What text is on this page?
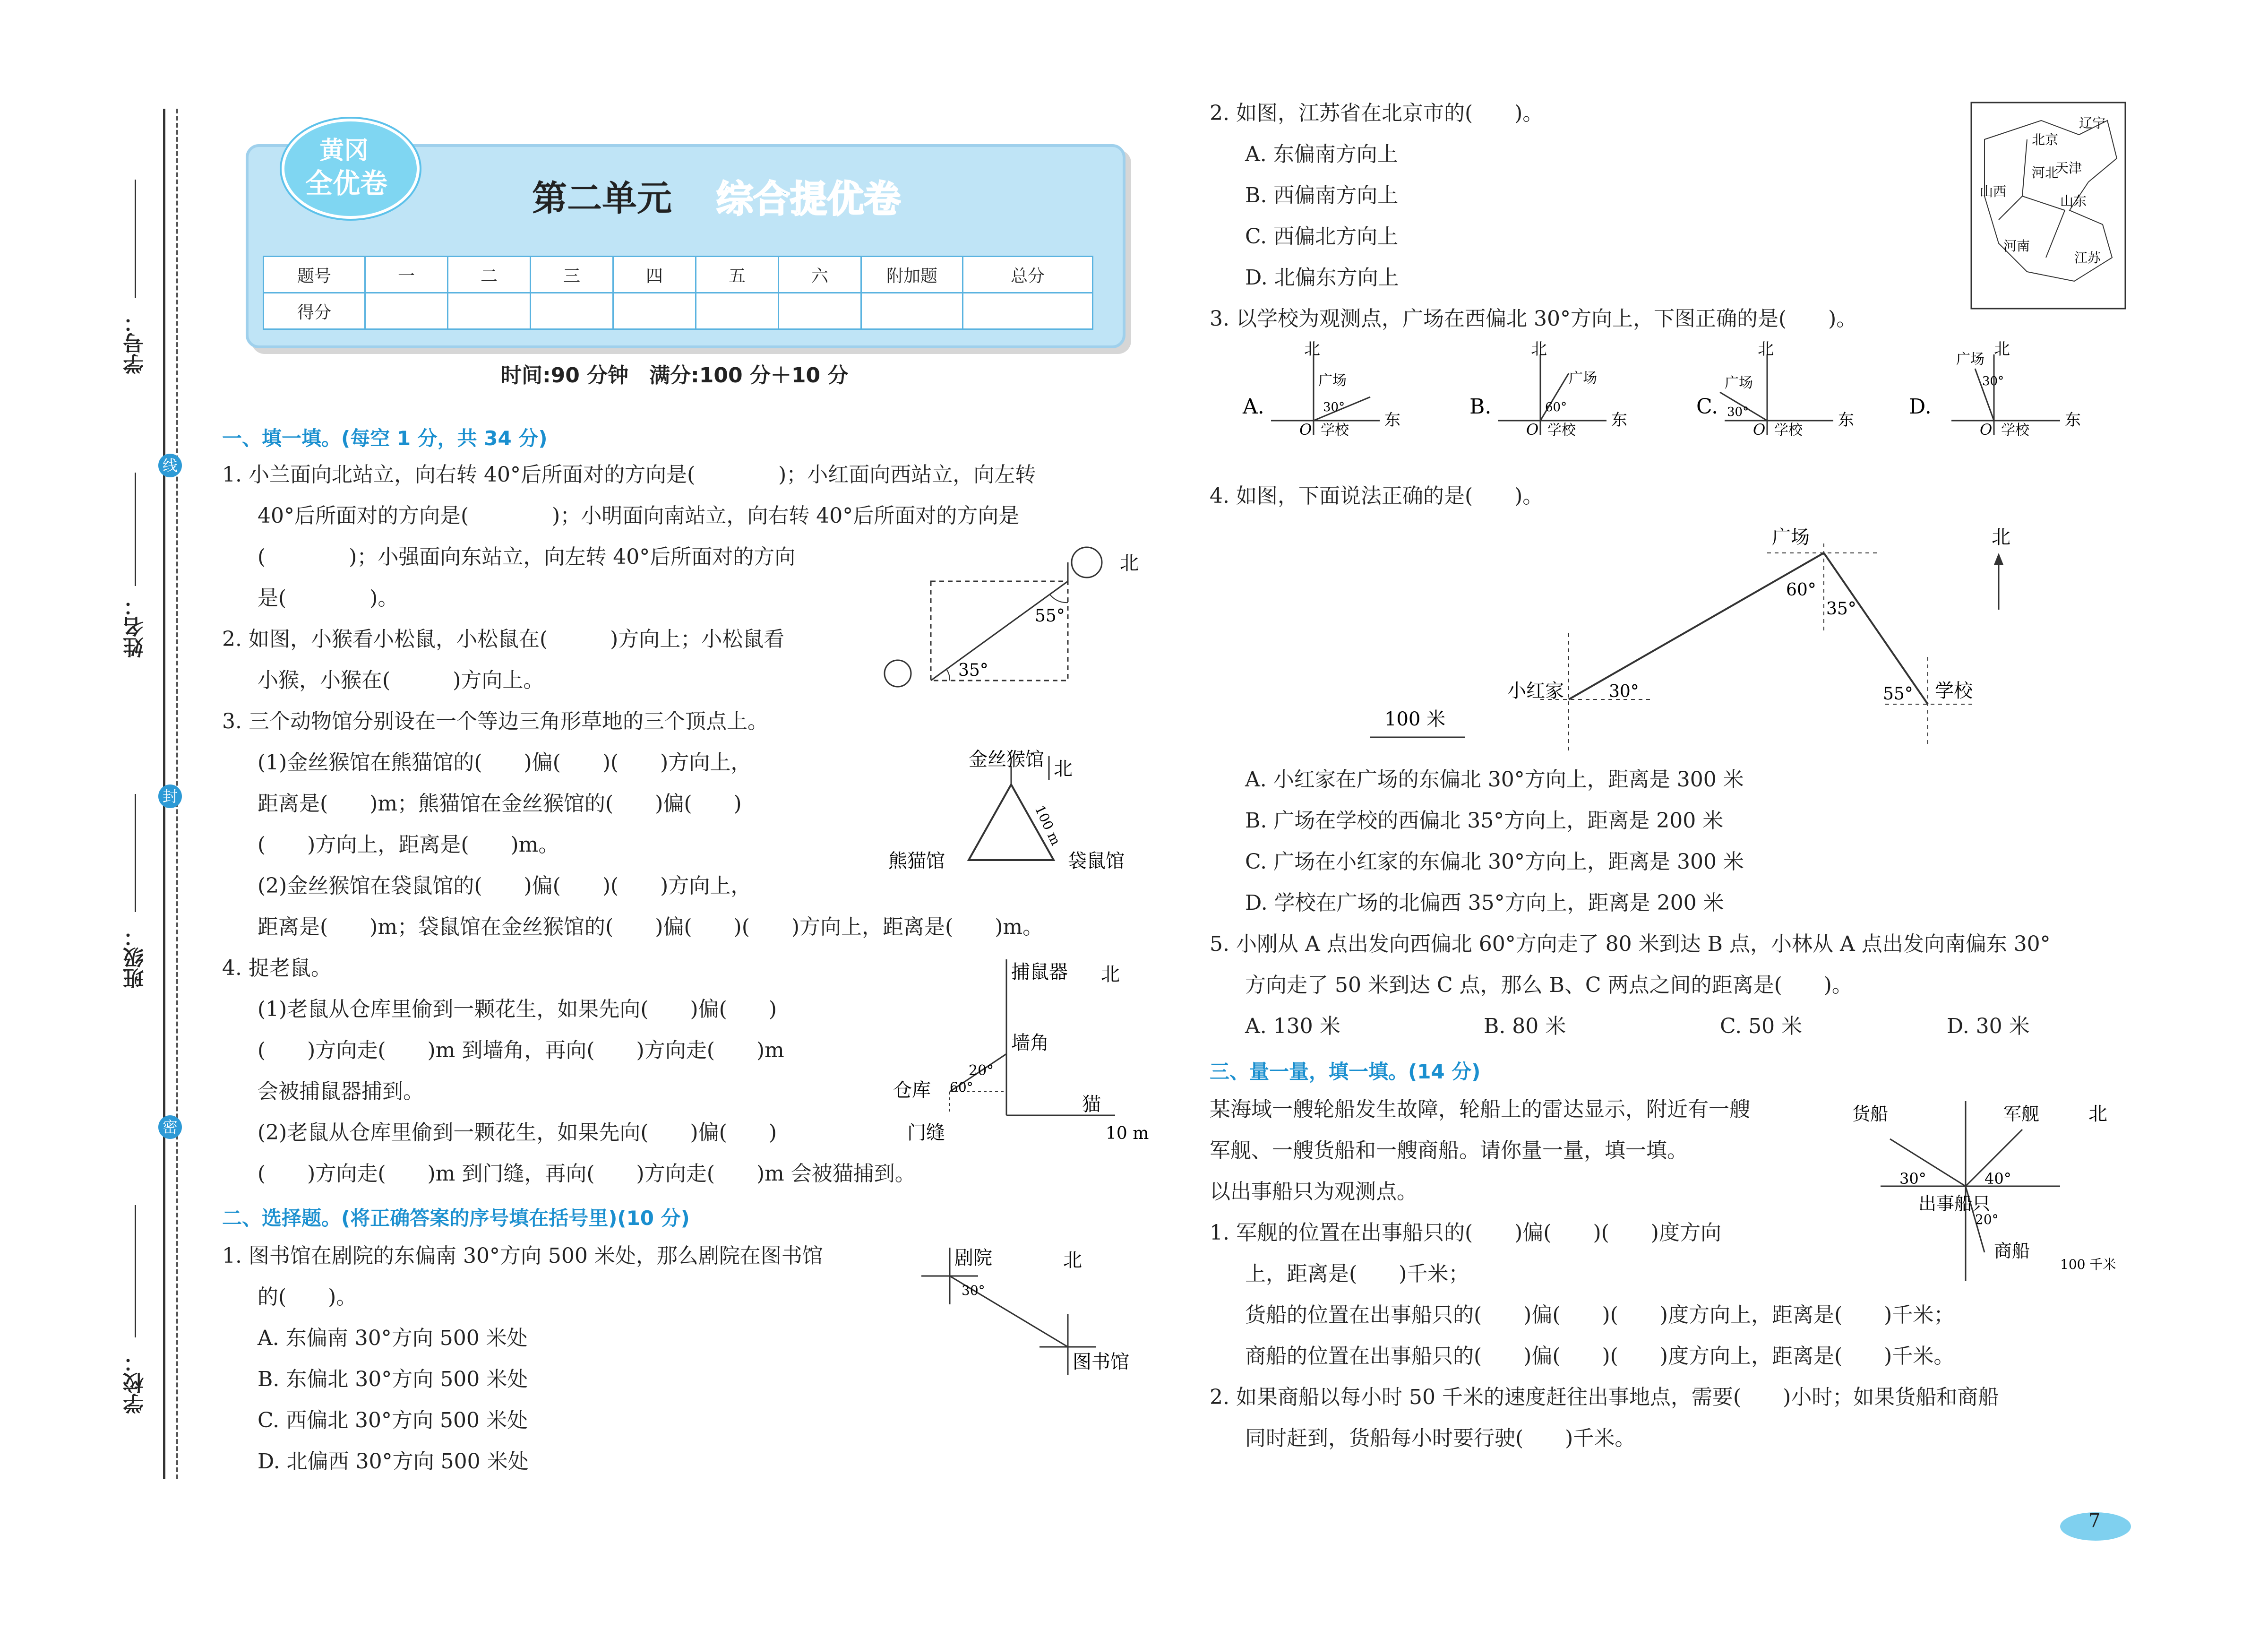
学号：
姓名：
班级：
学校：
线
封
密
黄冈
全优卷	第二单元 综合提优卷
题号	一	二	三	四	五	六	附加题	总分
得分								
时间:90 分钟　满分:100 分＋10 分
一、填一填。(每空 1 分，共 34 分)
1. 小兰面向北站立，向右转 40°后所面对的方向是(　　　　)；小红面向西站立，向左转
40°后所面对的方向是(　　　　)；小明面向南站立，向右转 40°后所面对的方向是
(　　　　)；小强面向东站立，向左转 40°后所面对的方向
是(　　　　)。
2. 如图，小猴看小松鼠，小松鼠在(　　　)方向上；小松鼠看
小猴，小猴在(　　　)方向上。
3. 三个动物馆分别设在一个等边三角形草地的三个顶点上。
(1)金丝猴馆在熊猫馆的(　　)偏(　　)(　　)方向上，
距离是(　　)m；熊猫馆在金丝猴馆的(　　)偏(　　)
(　　)方向上，距离是(　　)m。
(2)金丝猴馆在袋鼠馆的(　　)偏(　　)(　　)方向上，
距离是(　　)m；袋鼠馆在金丝猴馆的(　　)偏(　　)(　　)方向上，距离是(　　)m。
4. 捉老鼠。
(1)老鼠从仓库里偷到一颗花生，如果先向(　　)偏(　　)
(　　)方向走(　　)m 到墙角，再向(　　)方向走(　　)m
会被捕鼠器捕到。
(2)老鼠从仓库里偷到一颗花生，如果先向(　　)偏(　　)
(　　)方向走(　　)m 到门缝，再向(　　)方向走(　　)m 会被猫捕到。
二、选择题。(将正确答案的序号填在括号里)(10 分)
1. 图书馆在剧院的东偏南 30°方向 500 米处，那么剧院在图书馆
的(　　)。
A. 东偏南 30°方向 500 米处
B. 东偏北 30°方向 500 米处
C. 西偏北 30°方向 500 米处
D. 北偏西 30°方向 500 米处
2. 如图，江苏省在北京市的(　　)。
A. 东偏南方向上
B. 西偏南方向上
C. 西偏北方向上
D. 北偏东方向上
3. 以学校为观测点，广场在西偏北 30°方向上，下图正确的是(　　)。
4. 如图，下面说法正确的是(　　)。
A. 小红家在广场的东偏北 30°方向上，距离是 300 米
B. 广场在学校的西偏北 35°方向上，距离是 200 米
C. 广场在小红家的东偏北 30°方向上，距离是 300 米
D. 学校在广场的北偏西 35°方向上，距离是 200 米
5. 小刚从 A 点出发向西偏北 60°方向走了 80 米到达 B 点，小林从 A 点出发向南偏东 30°
方向走了 50 米到达 C 点，那么 B、C 两点之间的距离是(　　)。
A. 130 米	B. 80 米	C. 50 米	D. 30 米
三、量一量，填一填。(14 分)
某海域一艘轮船发生故障，轮船上的雷达显示，附近有一艘
军舰、一艘货船和一艘商船。请你量一量，填一填。
以出事船只为观测点。
1. 军舰的位置在出事船只的(　　)偏(　　)(　　)度方向
上，距离是(　　)千米；
货船的位置在出事船只的(　　)偏(　　)(　　)度方向上，距离是(　　)千米；
商船的位置在出事船只的(　　)偏(　　)(　　)度方向上，距离是(　　)千米。
2. 如果商船以每小时 50 千米的速度赶往出事地点，需要(　　)小时；如果货船和商船
同时赶到，货船每小时要行驶(　　)千米。
35°
55°
北
金丝猴馆
熊猫馆	袋鼠馆
北
100 m
捕鼠器
墙角
仓库
20°
60°
猫
门缝
北
10 m
剧院
30°
北
图书馆
辽宁
北京
天津
河北
山西
山东
河南
江苏
A.
北
东
O 学校
广场
30°	B.
北
东
O 学校
广场
60°	C.
北
东
O 学校
广场
30°	D.
北
东
O 学校
广场
30°
北
广场
60°
35°
小红家	30°	55° 学校
100 米
货船	军舰
30°	40°
出事船只
20°
商船
北
100 千米
7
